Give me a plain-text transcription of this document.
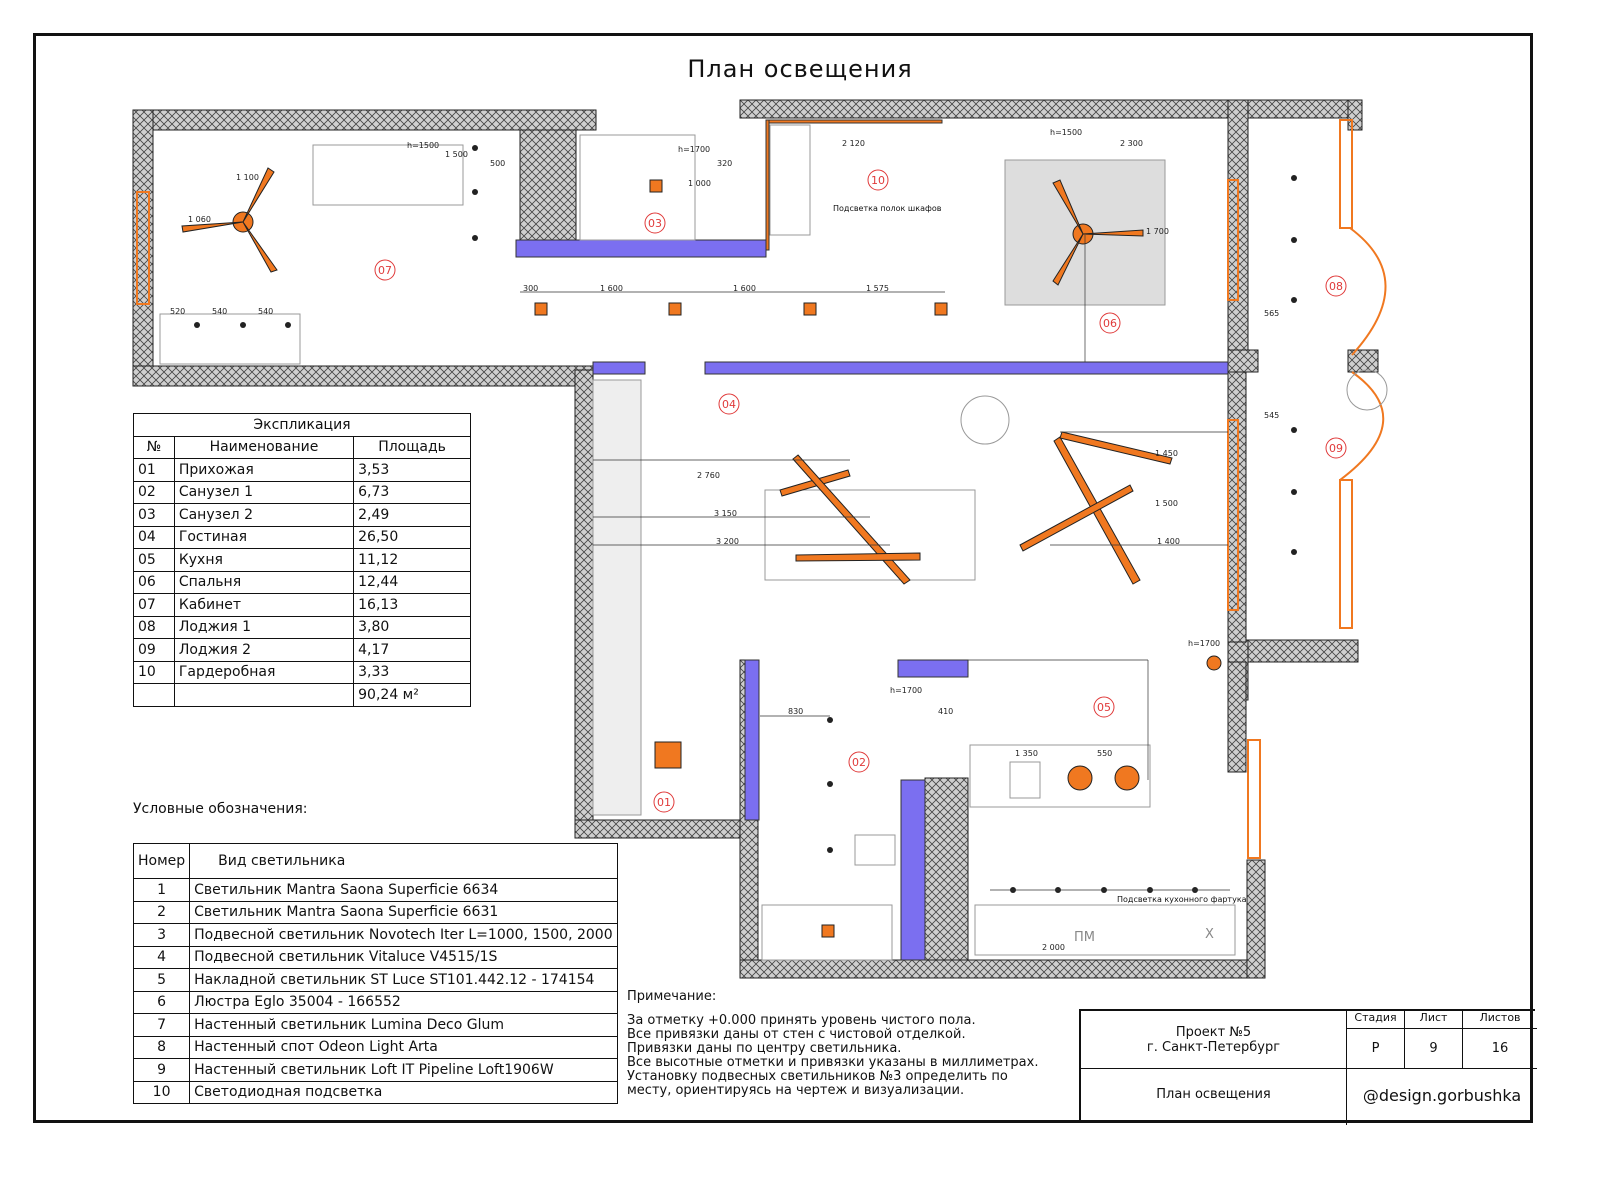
План освещения
01
02
03
04
05
06
07
08
09
10
1 100
1 060
1 500
500
520	540	540
300	1 600	1 600	1 575
320
1 000
2 120	2 300
1 700
565
545
2 760
3 150
3 200
1 450
1 500
1 400
830	410
1 350	550
2 000
h=1500	h=1700
h=1500
h=1700
h=1700
Подсветка полок шкафов
Подсветка кухонного фартука
ПМ	Х
Экспликация		
№	Наименование	Площадь
01	Прихожая	3,53
02	Санузел 1	6,73
03	Санузел 2	2,49
04	Гостиная	26,50
05	Кухня	11,12
06	Спальня	12,44
07	Кабинет	16,13
08	Лоджия 1	3,80
09	Лоджия 2	4,17
10	Гардеробная	3,33
		90,24 м²
Условные обозначения:
Номер	Вид светильника
1	Светильник Mantra Saona Superficie 6634
2	Светильник Mantra Saona Superficie 6631
3	Подвесной светильник Novotech Iter L=1000, 1500, 2000
4	Подвесной светильник Vitaluce V4515/1S
5	Накладной светильник ST Luce ST101.442.12 - 174154
6	Люстра Eglo 35004 - 166552
7	Настенный светильник Lumina Deco Glum
8	Настенный спот Odeon Light Arta
9	Настенный светильник Loft IT Pipeline Loft1906W
10	Светодиодная подсветка
Примечание:
За отметку +0.000 принять уровень чистого пола.
Все привязки даны от стен с чистовой отделкой.
Привязки даны по центру светильника.
Все высотные отметки и привязки указаны в миллиметрах.
Установку подвесных светильников №3 определить по
месту, ориентируясь на чертеж и визуализации.
Проект №5
г. Санкт-Петербург
План освещения
Стадия	Лист	Листов
Р	9	16
@design.gorbushka
